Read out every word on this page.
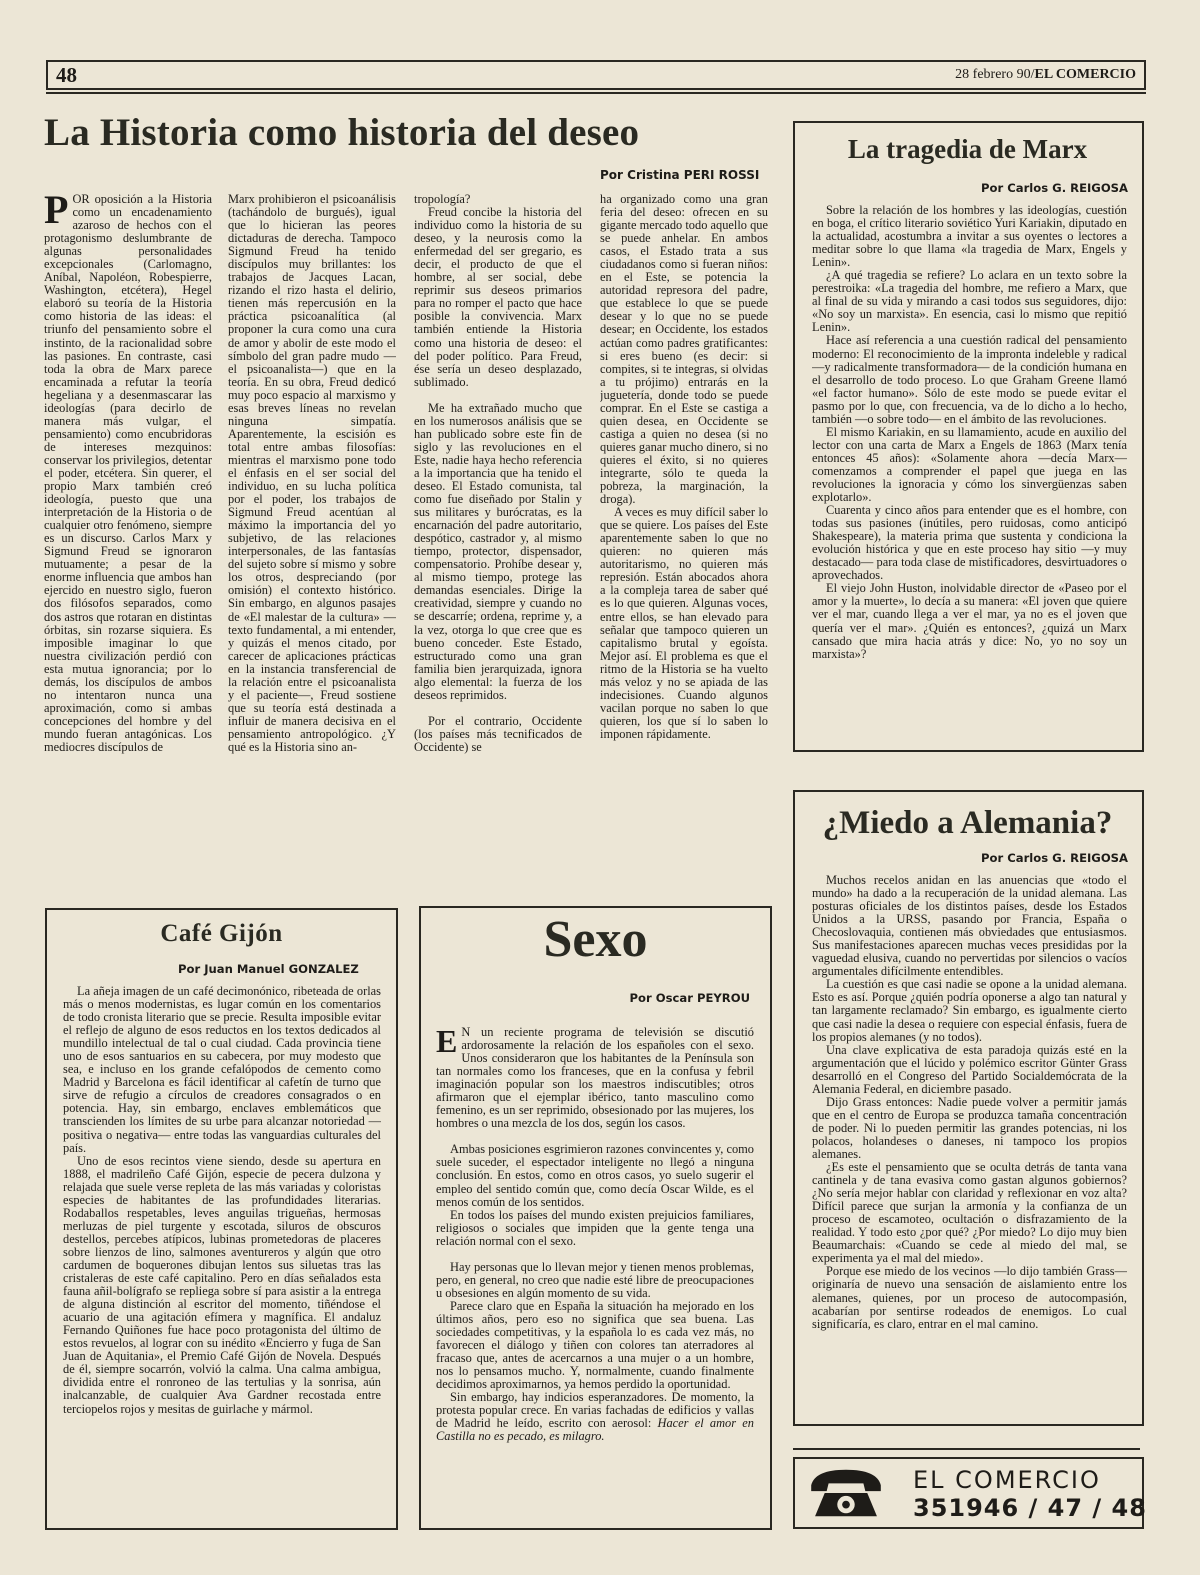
48	28 febrero 90/EL COMERCIO
La Historia como historia del deseo
Por Cristina PERI ROSSI

POR oposición a la Historia como un encadenamiento azaroso de hechos con el protagonismo deslumbrante de algunas personalidades excepcionales (Carlomagno, Aníbal, Napoléon, Robespierre, Washington, etcétera), Hegel elaboró su teoría de la Historia como historia de las ideas: el triunfo del pensamiento sobre el instinto, de la racionalidad sobre las pasiones. En contraste, casi toda la obra de Marx parece encaminada a refutar la teoría hegeliana y a desenmascarar las ideologías (para decirlo de manera más vulgar, el pensamiento) como encubridoras de intereses mezquinos: conservar los privilegios, detentar el poder, etcétera. Sin querer, el propio Marx también creó ideología, puesto que una interpretación de la Historia o de cualquier otro fenómeno, siempre es un discurso. Carlos Marx y Sigmund Freud se ignoraron mutuamente; a pesar de la enorme influencia que ambos han ejercido en nuestro siglo, fueron dos filósofos separados, como dos astros que rotaran en distintas órbitas, sin rozarse siquiera. Es imposible imaginar lo que nuestra civilización perdió con esta mutua ignorancia; por lo demás, los discípulos de ambos no intentaron nunca una aproximación, como si ambas concepciones del hombre y del mundo fueran antagónicas. Los mediocres discípulos de

Marx prohibieron el psicoanálisis (tachándolo de burgués), igual que lo hicieran las peores dictaduras de derecha. Tampoco Sigmund Freud ha tenido discípulos muy brillantes: los trabajos de Jacques Lacan, rizando el rizo hasta el delirio, tienen más repercusión en la práctica psicoanalítica (al proponer la cura como una cura de amor y abolir de este modo el símbolo del gran padre mudo —el psicoanalista—) que en la teoría. En su obra, Freud dedicó muy poco espacio al marxismo y esas breves líneas no revelan ninguna simpatía. Aparentemente, la escisión es total entre ambas filosofías: mientras el marxismo pone todo el énfasis en el ser social del individuo, en su lucha política por el poder, los trabajos de Sigmund Freud acentúan al máximo la importancia del yo subjetivo, de las relaciones interpersonales, de las fantasías del sujeto sobre sí mismo y sobre los otros, despreciando (por omisión) el contexto histórico. Sin embargo, en algunos pasajes de «El malestar de la cultura» —texto fundamental, a mi entender, y quizás el menos citado, por carecer de aplicaciones prácticas en la instancia transferencial de la relación entre el psicoanalista y el paciente—, Freud sostiene que su teoría está destinada a influir de manera decisiva en el pensamiento antropológico. ¿Y qué es la Historia sino an-

tropología?

Freud concibe la historia del individuo como la historia de su deseo, y la neurosis como la enfermedad del ser gregario, es decir, el producto de que el hombre, al ser social, debe reprimir sus deseos primarios para no romper el pacto que hace posible la convivencia. Marx también entiende la Historia como una historia de deseo: el del poder político. Para Freud, ése sería un deseo desplazado, sublimado.

Me ha extrañado mucho que en los numerosos análisis que se han publicado sobre este fin de siglo y las revoluciones en el Este, nadie haya hecho referencia a la importancia que ha tenido el deseo. El Estado comunista, tal como fue diseñado por Stalin y sus militares y burócratas, es la encarnación del padre autoritario, despótico, castrador y, al mismo tiempo, protector, dispensador, compensatorio. Prohíbe desear y, al mismo tiempo, protege las demandas esenciales. Dirige la creatividad, siempre y cuando no se descarríe; ordena, reprime y, a la vez, otorga lo que cree que es bueno conceder. Este Estado, estructurado como una gran familia bien jerarquizada, ignora algo elemental: la fuerza de los deseos reprimidos.

Por el contrario, Occidente (los países más tecnificados de Occidente) se

ha organizado como una gran feria del deseo: ofrecen en su gigante mercado todo aquello que se puede anhelar. En ambos casos, el Estado trata a sus ciudadanos como si fueran niños: en el Este, se potencia la autoridad represora del padre, que establece lo que se puede desear y lo que no se puede desear; en Occidente, los estados actúan como padres gratificantes: si eres bueno (es decir: si compites, si te integras, si olvidas a tu prójimo) entrarás en la juguetería, donde todo se puede comprar. En el Este se castiga a quien desea, en Occidente se castiga a quien no desea (si no quieres ganar mucho dinero, si no quieres el éxito, si no quieres integrarte, sólo te queda la pobreza, la marginación, la droga).

A veces es muy difícil saber lo que se quiere. Los países del Este aparentemente saben lo que no quieren: no quieren más autoritarismo, no quieren más represión. Están abocados ahora a la compleja tarea de saber qué es lo que quieren. Algunas voces, entre ellos, se han elevado para señalar que tampoco quieren un capitalismo brutal y egoísta. Mejor así. El problema es que el ritmo de la Historia se ha vuelto más veloz y no se apiada de las indecisiones. Cuando algunos vacilan porque no saben lo que quieren, los que sí lo saben lo imponen rápidamente.

La tragedia de Marx
Por Carlos G. REIGOSA

Sobre la relación de los hombres y las ideologías, cuestión en boga, el crítico literario soviético Yuri Kariakin, diputado en la actualidad, acostumbra a invitar a sus oyentes o lectores a meditar sobre lo que llama «la tragedia de Marx, Engels y Lenin».

¿A qué tragedia se refiere? Lo aclara en un texto sobre la perestroika: «La tragedia del hombre, me refiero a Marx, que al final de su vida y mirando a casi todos sus seguidores, dijo: «No soy un marxista». En esencia, casi lo mismo que repitió Lenin».

Hace así referencia a una cuestión radical del pensamiento moderno: El reconocimiento de la impronta indeleble y radical —y radicalmente transformadora— de la condición humana en el desarrollo de todo proceso. Lo que Graham Greene llamó «el factor humano». Sólo de este modo se puede evitar el pasmo por lo que, con frecuencia, va de lo dicho a lo hecho, también —o sobre todo— en el ámbito de las revoluciones.

El mismo Kariakin, en su llamamiento, acude en auxilio del lector con una carta de Marx a Engels de 1863 (Marx tenía entonces 45 años): «Solamente ahora —decía Marx— comenzamos a comprender el papel que juega en las revoluciones la ignoracia y cómo los sinvergüenzas saben explotarlo».

Cuarenta y cinco años para entender que es el hombre, con todas sus pasiones (inútiles, pero ruidosas, como anticipó Shakespeare), la materia prima que sustenta y condiciona la evolución histórica y que en este proceso hay sitio —y muy destacado— para toda clase de mistificadores, desvirtuadores o aprovechados.

El viejo John Huston, inolvidable director de «Paseo por el amor y la muerte», lo decía a su manera: «El joven que quiere ver el mar, cuando llega a ver el mar, ya no es el joven que quería ver el mar». ¿Quién es entonces?, ¿quizá un Marx cansado que mira hacia atrás y dice: No, yo no soy un marxista»?

¿Miedo a Alemania?
Por Carlos G. REIGOSA

Muchos recelos anidan en las anuencias que «todo el mundo» ha dado a la recuperación de la unidad alemana. Las posturas oficiales de los distintos países, desde los Estados Unidos a la URSS, pasando por Francia, España o Checoslovaquia, contienen más obviedades que entusiasmos. Sus manifestaciones aparecen muchas veces presididas por la vaguedad elusiva, cuando no pervertidas por silencios o vacíos argumentales difícilmente entendibles.

La cuestión es que casi nadie se opone a la unidad alemana. Esto es así. Porque ¿quién podría oponerse a algo tan natural y tan largamente reclamado? Sin embargo, es igualmente cierto que casi nadie la desea o requiere con especial énfasis, fuera de los propios alemanes (y no todos).

Una clave explicativa de esta paradoja quizás esté en la argumentación que el lúcido y polémico escritor Günter Grass desarrolló en el Congreso del Partido Socialdemócrata de la Alemania Federal, en diciembre pasado.

Dijo Grass entonces: Nadie puede volver a permitir jamás que en el centro de Europa se produzca tamaña concentración de poder. Ni lo pueden permitir las grandes potencias, ni los polacos, holandeses o daneses, ni tampoco los propios alemanes.

¿Es este el pensamiento que se oculta detrás de tanta vana cantinela y de tana evasiva como gastan algunos gobiernos? ¿No sería mejor hablar con claridad y reflexionar en voz alta? Difícil parece que surjan la armonía y la confianza de un proceso de escamoteo, ocultación o disfrazamiento de la realidad. Y todo esto ¿por qué? ¿Por miedo? Lo dijo muy bien Beaumarchais: «Cuando se cede al miedo del mal, se experimenta ya el mal del miedo».

Porque ese miedo de los vecinos —lo dijo también Grass— originaría de nuevo una sensación de aislamiento entre los alemanes, quienes, por un proceso de autocompasión, acabarían por sentirse rodeados de enemigos. Lo cual significaría, es claro, entrar en el mal camino.

Café Gijón
Por Juan Manuel GONZALEZ

La añeja imagen de un café decimonónico, ribeteada de orlas más o menos modernistas, es lugar común en los comentarios de todo cronista literario que se precie. Resulta imposible evitar el reflejo de alguno de esos reductos en los textos dedicados al mundillo intelectual de tal o cual ciudad. Cada provincia tiene uno de esos santuarios en su cabecera, por muy modesto que sea, e incluso en los grande cefalópodos de cemento como Madrid y Barcelona es fácil identificar al cafetín de turno que sirve de refugio a círculos de creadores consagrados o en potencia. Hay, sin embargo, enclaves emblemáticos que transcienden los límites de su urbe para alcanzar notoriedad —positiva o negativa— entre todas las vanguardias culturales del país.

Uno de esos recintos viene siendo, desde su apertura en 1888, el madrileño Café Gijón, especie de pecera dulzona y relajada que suele verse repleta de las más variadas y coloristas especies de habitantes de las profundidades literarias. Rodaballos respetables, leves anguilas trigueñas, hermosas merluzas de piel turgente y escotada, siluros de obscuros destellos, percebes atípicos, lubinas prometedoras de placeres sobre lienzos de lino, salmones aventureros y algún que otro cardumen de boquerones dibujan lentos sus siluetas tras las cristaleras de este café capitalino. Pero en días señalados esta fauna añil-bolígrafo se repliega sobre sí para asistir a la entrega de alguna distinción al escritor del momento, tiñéndose el acuario de una agitación efímera y magnífica. El andaluz Fernando Quiñones fue hace poco protagonista del último de estos revuelos, al lograr con su inédito «Encierro y fuga de San Juan de Aquitania», el Premio Café Gijón de Novela. Después de él, siempre socarrón, volvió la calma. Una calma ambigua, dividida entre el ronroneo de las tertulias y la sonrisa, aún inalcanzable, de cualquier Ava Gardner recostada entre terciopelos rojos y mesitas de guirlache y mármol.

Sexo
Por Oscar PEYROU

E N un reciente programa de televisión se discutió ardorosamente la relación de los españoles con el sexo. Unos consideraron que los habitantes de la Península son tan normales como los franceses, que en la confusa y febril imaginación popular son los maestros indiscutibles; otros afirmaron que el ejemplar ibérico, tanto masculino como femenino, es un ser reprimido, obsesionado por las mujeres, los hombres o una mezcla de los dos, según los casos.

Ambas posiciones esgrimieron razones convincentes y, como suele suceder, el espectador inteligente no llegó a ninguna conclusión. En estos, como en otros casos, yo suelo sugerir el empleo del sentido común que, como decía Oscar Wilde, es el menos común de los sentidos.

En todos los países del mundo existen prejuicios familiares, religiosos o sociales que impiden que la gente tenga una relación normal con el sexo.

Hay personas que lo llevan mejor y tienen menos problemas, pero, en general, no creo que nadie esté libre de preocupaciones u obsesiones en algún momento de su vida.

Parece claro que en España la situación ha mejorado en los últimos años, pero eso no significa que sea buena. Las sociedades competitivas, y la española lo es cada vez más, no favorecen el diálogo y tiñen con colores tan aterradores al fracaso que, antes de acercarnos a una mujer o a un hombre, nos lo pensamos mucho. Y, normalmente, cuando finalmente decidimos aproximarnos, ya hemos perdido la oportunidad.

Sin embargo, hay indicios esperanzadores. De momento, la protesta popular crece. En varias fachadas de edificios y vallas de Madrid he leído, escrito con aerosol: Hacer el amor en Castilla no es pecado, es milagro.

EL COMERCIO
351946 / 47 / 48
